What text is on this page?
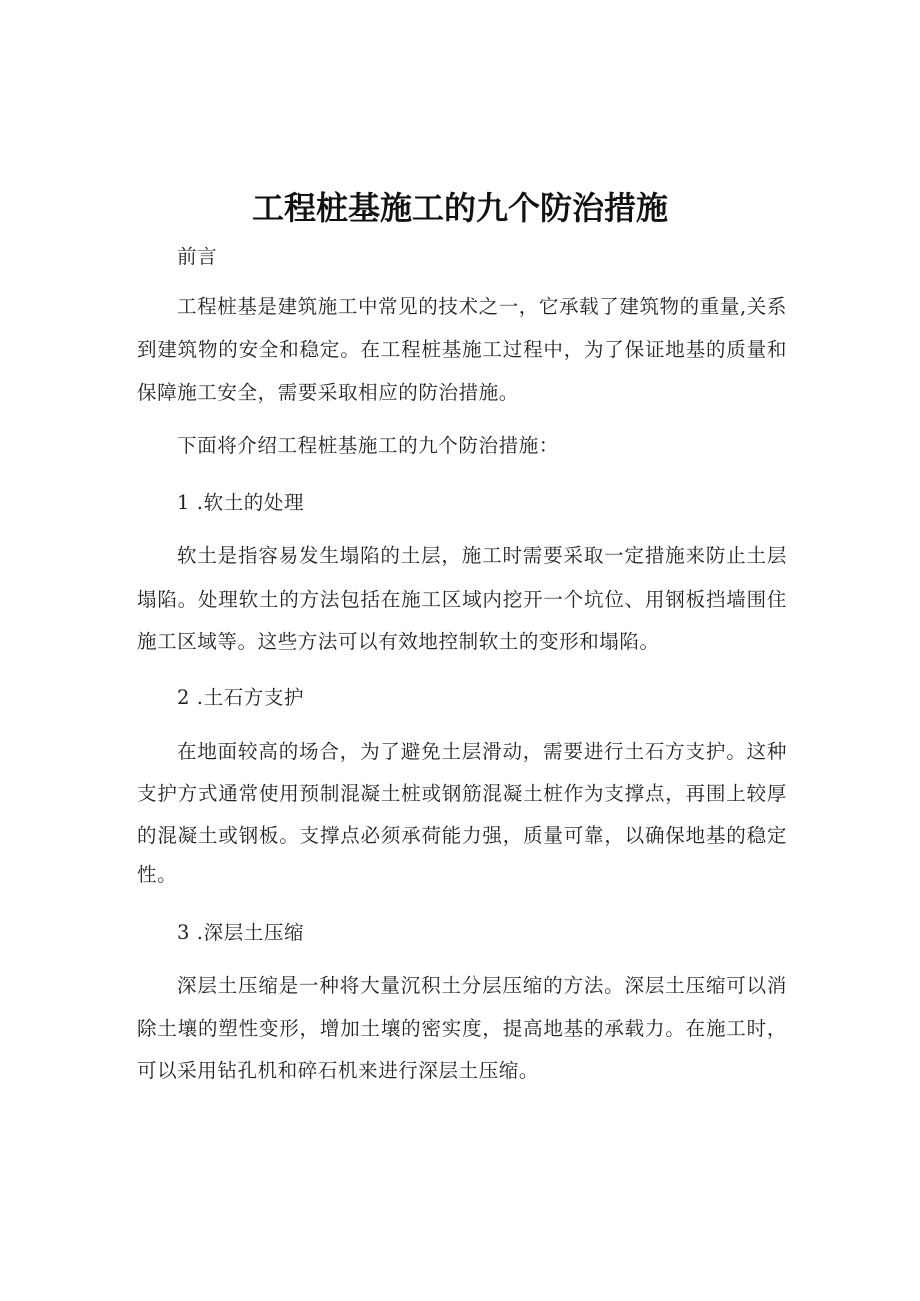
工程桩基施工的九个防治措施

前言

工程桩基是建筑施工中常见的技术之一，它承载了建筑物的重量,关系

到建筑物的安全和稳定。在工程桩基施工过程中，为了保证地基的质量和

保障施工安全，需要采取相应的防治措施。

下面将介绍工程桩基施工的九个防治措施：

1 .软土的处理

软土是指容易发生塌陷的土层，施工时需要采取一定措施来防止土层

塌陷。处理软土的方法包括在施工区域内挖开一个坑位、用钢板挡墙围住

施工区域等。这些方法可以有效地控制软土的变形和塌陷。

2 .土石方支护

在地面较高的场合，为了避免土层滑动，需要进行土石方支护。这种

支护方式通常使用预制混凝土桩或钢筋混凝土桩作为支撑点，再围上较厚

的混凝土或钢板。支撑点必须承荷能力强，质量可靠，以确保地基的稳定

性。

3 .深层土压缩

深层土压缩是一种将大量沉积土分层压缩的方法。深层土压缩可以消

除土壤的塑性变形，增加土壤的密实度，提高地基的承载力。在施工时，

可以采用钻孔机和碎石机来进行深层土压缩。
